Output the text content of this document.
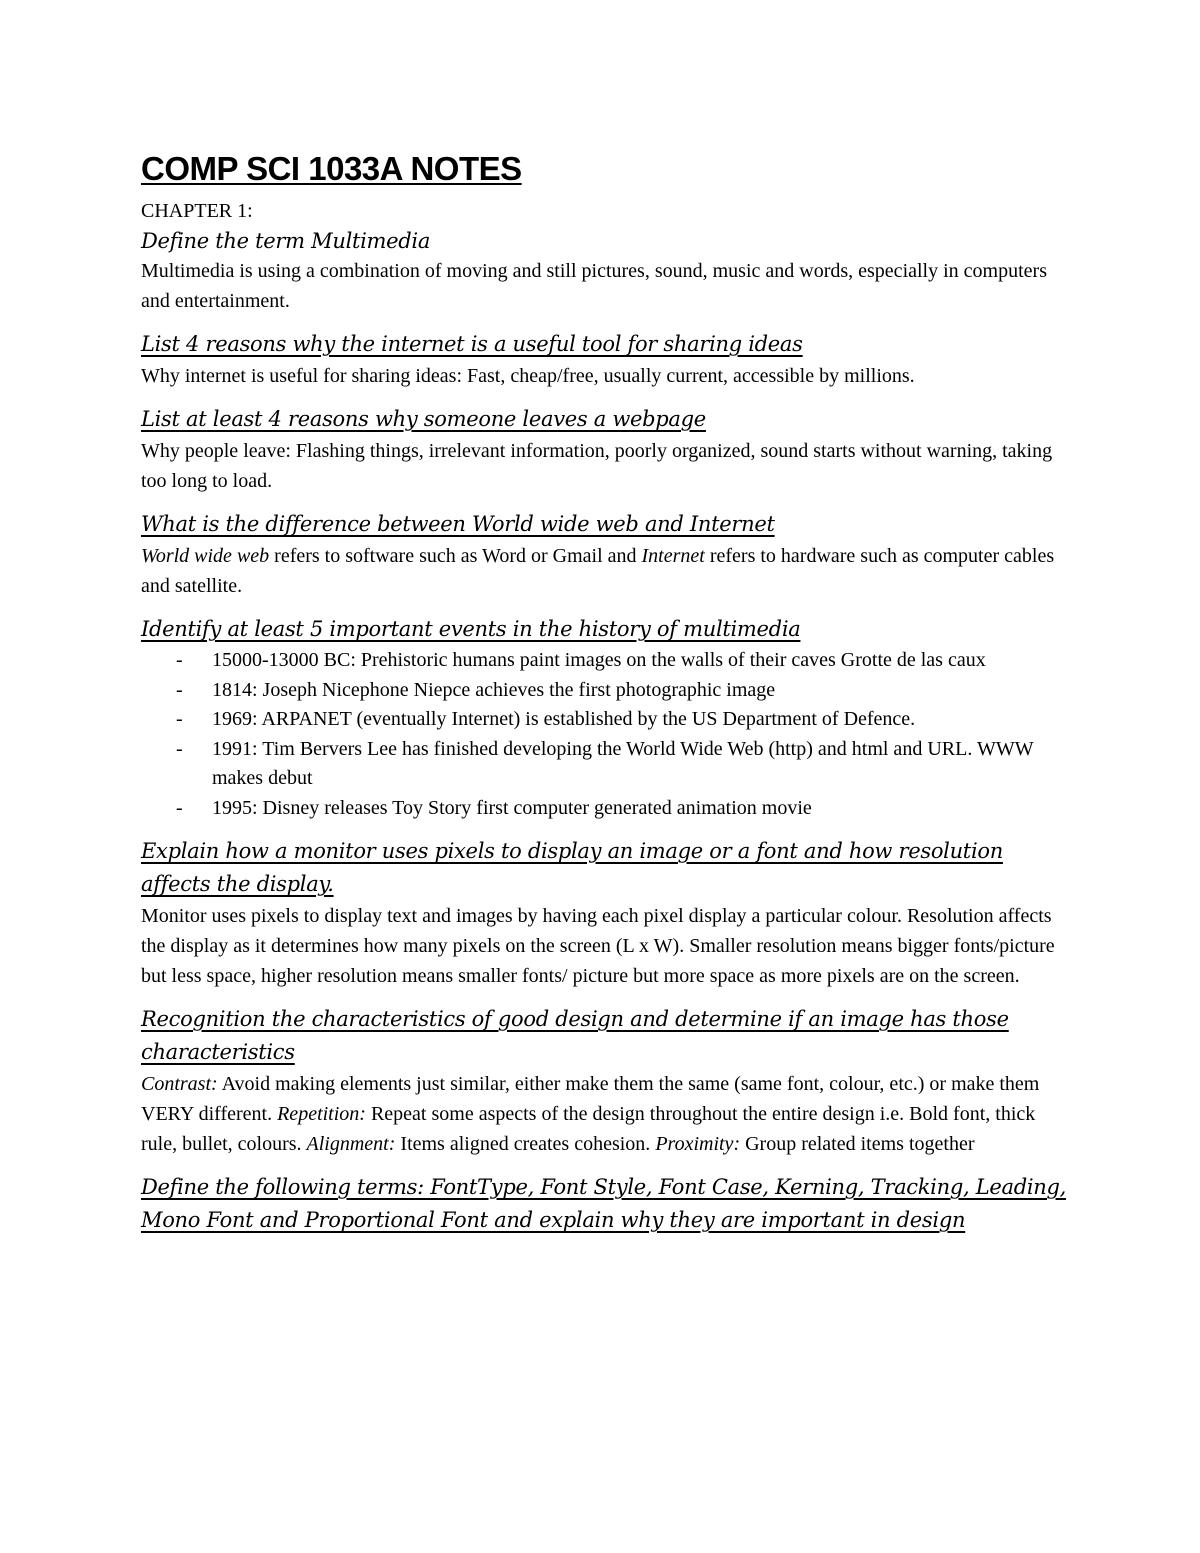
COMP SCI 1033A NOTES
CHAPTER 1:
Define the term Multimedia

Multimedia is using a combination of moving and still pictures, sound, music and words, especially in computers and entertainment.

List 4 reasons why the internet is a useful tool for sharing ideas

Why internet is useful for sharing ideas: Fast, cheap/free, usually current, accessible by millions.

List at least 4 reasons why someone leaves a webpage

Why people leave: Flashing things, irrelevant information, poorly organized, sound starts without warning, taking too long to load.

What is the difference between World wide web and Internet

World wide web refers to software such as Word or Gmail and Internet refers to hardware such as computer cables and satellite.

Identify at least 5 important events in the history of multimedia
- 15000-13000 BC: Prehistoric humans paint images on the walls of their caves Grotte de las caux
- 1814: Joseph Nicephone Niepce achieves the first photographic image
- 1969: ARPANET (eventually Internet) is established by the US Department of Defence.
- 1991: Tim Bervers Lee has finished developing the World Wide Web (http) and html and URL. WWW makes debut
- 1995: Disney releases Toy Story first computer generated animation movie
Explain how a monitor uses pixels to display an image or a font and how resolution affects the display.

Monitor uses pixels to display text and images by having each pixel display a particular colour. Resolution affects the display as it determines how many pixels on the screen (L x W). Smaller resolution means bigger fonts/picture but less space, higher resolution means smaller fonts/ picture but more space as more pixels are on the screen.

Recognition the characteristics of good design and determine if an image has those characteristics

Contrast: Avoid making elements just similar, either make them the same (same font, colour, etc.) or make them VERY different. Repetition: Repeat some aspects of the design throughout the entire design i.e. Bold font, thick rule, bullet, colours. Alignment: Items aligned creates cohesion. Proximity: Group related items together

Define the following terms: FontType, Font Style, Font Case, Kerning, Tracking, Leading, Mono Font and Proportional Font and explain why they are important in design
